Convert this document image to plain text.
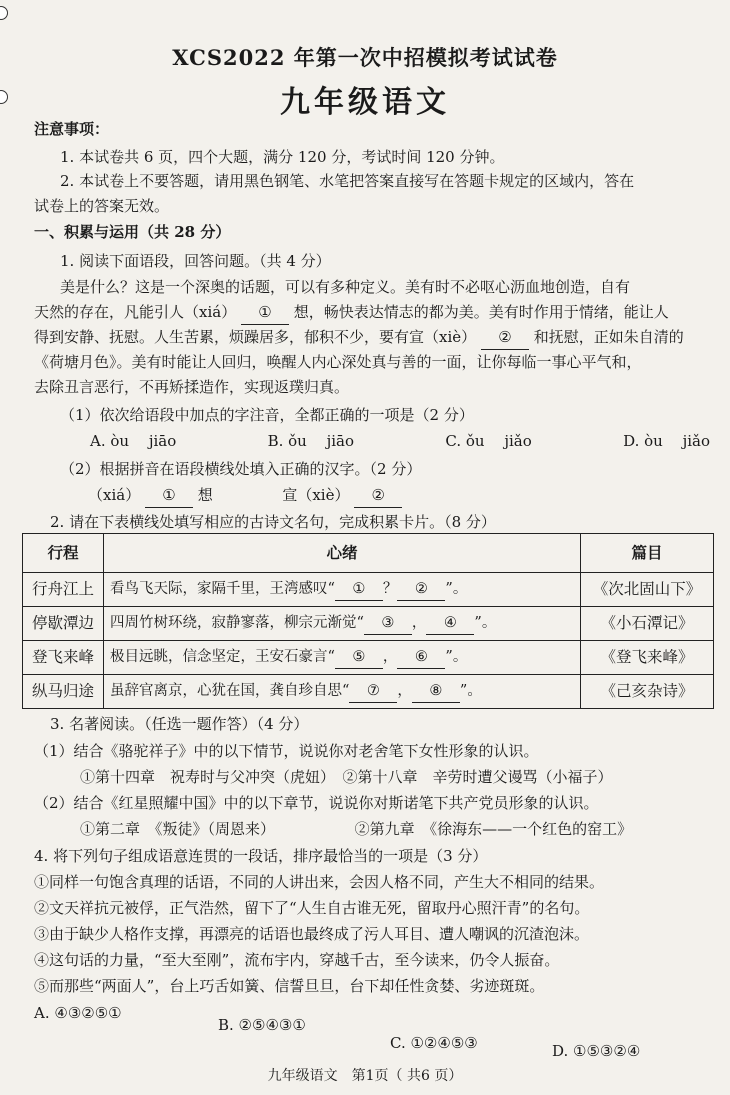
XCS2022 年第一次中招模拟考试试卷
九年级语文
注意事项：
1. 本试卷共 6 页，四个大题，满分 120 分，考试时间 120 分钟。
2. 本试卷上不要答题，请用黑色钢笔、水笔把答案直接写在答题卡规定的区域内，答在
试卷上的答案无效。
一、积累与运用（共 28 分）
1. 阅读下面语段，回答问题。（共 4 分）
美是什么？这是一个深奥的话题，可以有多种定义。美有时不必呕心沥血地创造，自有
天然的存在，凡能引人（xiá） ① 想，畅快表达情志的都为美。美有时作用于情绪，能让人
得到安静、抚慰。人生苦累，烦躁居多，郁积不少，要有宣（xiè） ② 和抚慰，正如朱自清的
《荷塘月色》。美有时能让人回归，唤醒人内心深处真与善的一面，让你每临一事心平气和，
去除丑言恶行，不再矫揉造作，实现返璞归真。
（1）依次给语段中加点的字注音，全都正确的一项是（2 分）
A. òu　 jiāo	B. ǒu　 jiāo	C. ǒu　 jiǎo	D. òu　 jiǎo
（2）根据拼音在语段横线处填入正确的汉字。（2 分）
（xiá） ① 想	宣（xiè） ②
2. 请在下表横线处填写相应的古诗文名句，完成积累卡片。（8 分）
行程	心绪	篇目
行舟江上	看鸟飞天际，家隔千里，王湾感叹“ ① ？ ② ”。	《次北固山下》
停歇潭边	四周竹树环绕，寂静寥落，柳宗元渐觉“ ③ ， ④ ”。	《小石潭记》
登飞来峰	极目远眺，信念坚定，王安石豪言“ ⑤ ， ⑥ ”。	《登飞来峰》
纵马归途	虽辞官离京，心犹在国，龚自珍自思“ ⑦ ， ⑧ ”。	《己亥杂诗》
3. 名著阅读。（任选一题作答）（4 分）
（1）结合《骆驼祥子》中的以下情节，说说你对老舍笔下女性形象的认识。
①第十四章　祝寿时与父冲突（虎妞）　②第十八章　辛劳时遭父谩骂（小福子）
（2）结合《红星照耀中国》中的以下章节，说说你对斯诺笔下共产党员形象的认识。
①第二章　《叛徒》（周恩来）	②第九章　《徐海东——一个红色的窑工》
4. 将下列句子组成语意连贯的一段话，排序最恰当的一项是（3 分）
①同样一句饱含真理的话语，不同的人讲出来，会因人格不同，产生大不相同的结果。
②文天祥抗元被俘，正气浩然，留下了“人生自古谁无死，留取丹心照汗青”的名句。
③由于缺少人格作支撑，再漂亮的话语也最终成了污人耳目、遭人嘲讽的沉渣泡沫。
④这句话的力量，“至大至刚”，流布宇内，穿越千古，至今读来，仍令人振奋。
⑤而那些“两面人”，台上巧舌如簧、信誓旦旦，台下却任性贪婪、劣迹斑斑。
A. ④③②⑤①
B. ②⑤④③①
C. ①②④⑤③	D. ①⑤③②④
九年级语文　第1页（ 共6 页）
